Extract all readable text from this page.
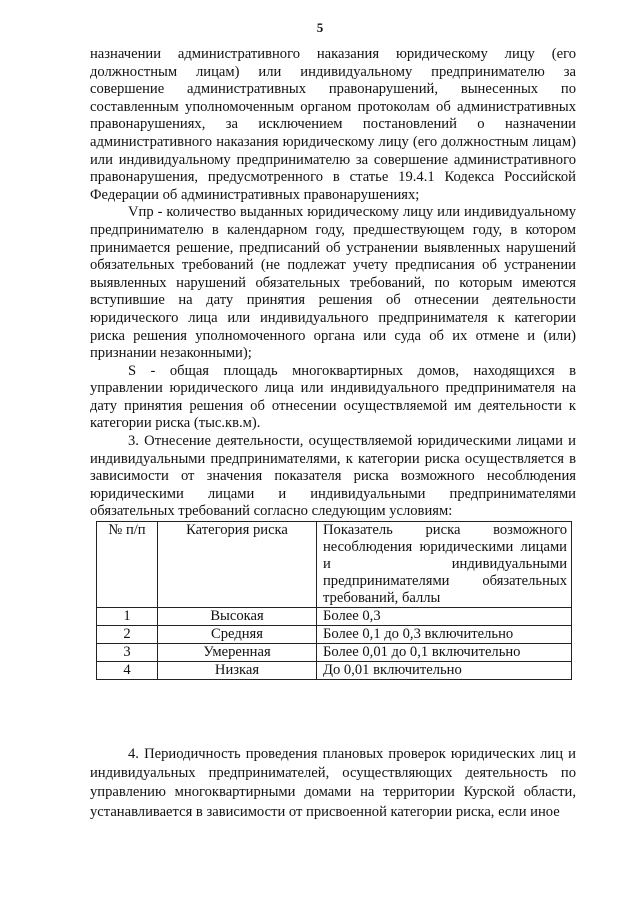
5

назначении административного наказания юридическому лицу (его должностным лицам) или индивидуальному предпринимателю за совершение административных правонарушений, вынесенных по составленным уполномоченным органом протоколам об административных правонарушениях, за исключением постановлений о назначении административного наказания юридическому лицу (его должностным лицам) или индивидуальному предпринимателю за совершение административного правонарушения, предусмотренного в статье 19.4.1 Кодекса Российской Федерации об административных правонарушениях;

Vпр - количество выданных юридическому лицу или индивидуальному предпринимателю в календарном году, предшествующем году, в котором принимается решение, предписаний об устранении выявленных нарушений обязательных требований (не подлежат учету предписания об устранении выявленных нарушений обязательных требований, по которым имеются вступившие на дату принятия решения об отнесении деятельности юридического лица или индивидуального предпринимателя к категории риска решения уполномоченного органа или суда об их отмене и (или) признании незаконными);

S - общая площадь многоквартирных домов, находящихся в управлении юридического лица или индивидуального предпринимателя на дату принятия решения об отнесении осуществляемой им деятельности к категории риска (тыс.кв.м).

3. Отнесение деятельности, осуществляемой юридическими лицами и индивидуальными предпринимателями, к категории риска осуществляется в зависимости от значения показателя риска возможного несоблюдения юридическими лицами и индивидуальными предпринимателями обязательных требований согласно следующим условиям:

№ п/п	Категория риска	Показатель риска возможного несоблюдения юридическими лицами и индивидуальными предпринимателями обязательных требований, баллы
1	Высокая	Более 0,3
2	Средняя	Более 0,1 до 0,3 включительно
3	Умеренная	Более 0,01 до 0,1 включительно
4	Низкая	До 0,01 включительно

4. Периодичность проведения плановых проверок юридических лиц и индивидуальных предпринимателей, осуществляющих деятельность по управлению многоквартирными домами на территории Курской области, устанавливается в зависимости от присвоенной категории риска, если иное
